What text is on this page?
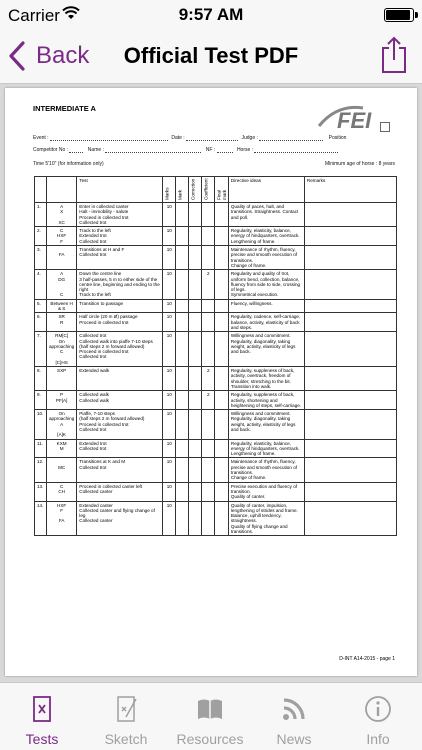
Carrier	9:57 AM
Back	Official Test PDF
INTERMEDIATE A	FEI
Event :	Date :	Judge :	Position
Competitor No :	Name :	NF :	Horse :
Time 5'10" (for information only)	Minimum age of horse : 8 years
		Test	Marks	Mark	Correction	Coefficient	Final mark	Directive ideas	Remarks
1.	A
X

XC	Enter in collected canter
Halt - immobility - salute
Proceed in collected trot
Collected trot	10					Quality of paces, halt, and transitions. Straightness. Contact and poll.	
2.	C
HXF
F	Track to the left
Extended trot
Collected trot	10					Regularity, elasticity, balance, energy of hindquarters, overtrack.
Lengthening of frame.	
3.	
FA	Transitions at H and F
Collected trot	10					Maintenance of rhythm, fluency, precise and smooth execution of transitions.
Change of frame.	
4.	A
DG

C	Down the centre line
3 half-passes, 5 m to either side of the centre line, beginning and ending to the right
Track to the left	10			2		Regularity and quality of trot, uniform bend, collection, balance, fluency from side to side, crossing of legs.
Symmetrical execution.	
5.	Between H & S	Transition to passage	10					Fluency, willingness.	
6.	SR
R	Half circle (20 m Ø) passage
Proceed in collected trot	10					Regularity, cadence, self-carriage, balance, activity, elasticity of back and steps.	
7.	RM[C]
On approaching C

[C]HS	Collected trot
Collected walk into piaffe 7-10 steps (half steps 2 m forward allowed)
Proceed in collected trot
Collected trot	10					Willingness and commitment. Regularity, diagonality, taking weight, activity, elasticity of legs and back.	
8.	SXP	Extended walk	10			2		Regularity, suppleness of back, activity, overtrack, freedom of shoulder, stretching to the bit.
Transition into walk.	
9.	P
PF[A]	Collected walk
Collected walk	10			2		Regularity, suppleness of back, activity, shortening and heightening of steps, self-carriage.	
10.	On approaching A

[A]K	Piaffe, 7-10 steps
(half steps 2 m forward allowed)
Proceed in collected trot
Collected trot	10					Willingness and commitment. Regularity, diagonality, taking weight, activity, elasticity of legs and back.	
11.	KXM
M	Extended trot
Collected trot	10					Regularity, elasticity, balance, energy of hindquarters, overtrack.
Lengthening of frame.	
12.	
MC	Transitions at K and M
Collected trot	10					Maintenance of rhythm, fluency, precise and smooth execution of transitions.
Change of frame.	
13.	C
CH	Proceed in collected canter left
Collected canter	10					Precise execution and fluency of transition.
Quality of canter.	
14.	HXF
F

FA	Extended canter
Collected canter and flying change of leg
Collected canter	10					Quality of canter, impulsion, lengthening of strides and frame. Balance, uphill tendency, straightness.
Quality of flying change and transitions.	
D-INT A14-2015 - page 1
Tests	Sketch	Resources	News	Info
